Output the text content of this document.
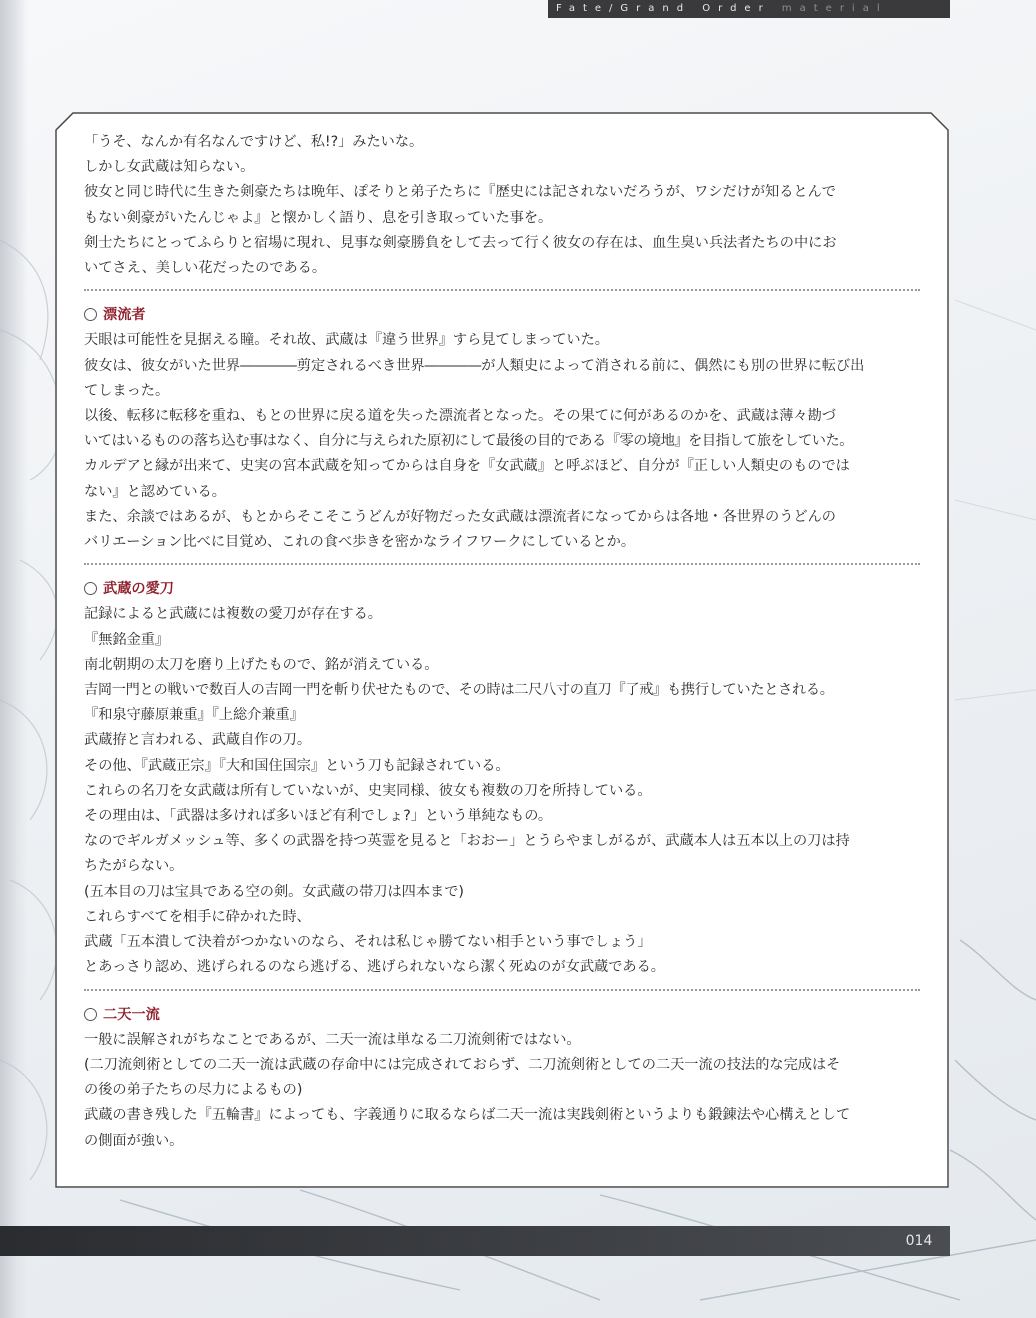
Fate/Grand Order material

「うそ、なんか有名なんですけど、私!?」みたいな。

しかし女武蔵は知らない。

彼女と同じ時代に生きた剣豪たちは晩年、ぽそりと弟子たちに『歴史には記されないだろうが、ワシだけが知るとんで

もない剣豪がいたんじゃよ』と懐かしく語り、息を引き取っていた事を。

剣士たちにとってふらりと宿場に現れ、見事な剣豪勝負をして去って行く彼女の存在は、血生臭い兵法者たちの中にお

いてさえ、美しい花だったのである。

漂流者

天眼は可能性を見据える瞳。それ故、武蔵は『違う世界』すら見てしまっていた。

彼女は、彼女がいた世界――――剪定されるべき世界――――が人類史によって消される前に、偶然にも別の世界に転び出

てしまった。

以後、転移に転移を重ね、もとの世界に戻る道を失った漂流者となった。その果てに何があるのかを、武蔵は薄々勘づ

いてはいるものの落ち込む事はなく、自分に与えられた原初にして最後の目的である『零の境地』を目指して旅をしていた。

カルデアと縁が出来て、史実の宮本武蔵を知ってからは自身を『女武蔵』と呼ぶほど、自分が『正しい人類史のものでは

ない』と認めている。

また、余談ではあるが、もとからそこそこうどんが好物だった女武蔵は漂流者になってからは各地・各世界のうどんの

バリエーション比べに目覚め、これの食べ歩きを密かなライフワークにしているとか。

武蔵の愛刀

記録によると武蔵には複数の愛刀が存在する。

『無銘金重』

南北朝期の太刀を磨り上げたもので、銘が消えている。

吉岡一門との戦いで数百人の吉岡一門を斬り伏せたもので、その時は二尺八寸の直刀『了戒』も携行していたとされる。

『和泉守藤原兼重』『上総介兼重』

武蔵拵と言われる、武蔵自作の刀。

その他、『武蔵正宗』『大和国住国宗』という刀も記録されている。

これらの名刀を女武蔵は所有していないが、史実同様、彼女も複数の刀を所持している。

その理由は、「武器は多ければ多いほど有利でしょ?」という単純なもの。

なのでギルガメッシュ等、多くの武器を持つ英霊を見ると「おおー」とうらやましがるが、武蔵本人は五本以上の刀は持

ちたがらない。

(五本目の刀は宝具である空の剣。女武蔵の帯刀は四本まで)

これらすべてを相手に砕かれた時、

武蔵「五本潰して決着がつかないのなら、それは私じゃ勝てない相手という事でしょう」

とあっさり認め、逃げられるのなら逃げる、逃げられないなら潔く死ぬのが女武蔵である。

二天一流

一般に誤解されがちなことであるが、二天一流は単なる二刀流剣術ではない。

(二刀流剣術としての二天一流は武蔵の存命中には完成されておらず、二刀流剣術としての二天一流の技法的な完成はそ

の後の弟子たちの尽力によるもの)

武蔵の書き残した『五輪書』によっても、字義通りに取るならば二天一流は実践剣術というよりも鍛錬法や心構えとして

の側面が強い。

014
